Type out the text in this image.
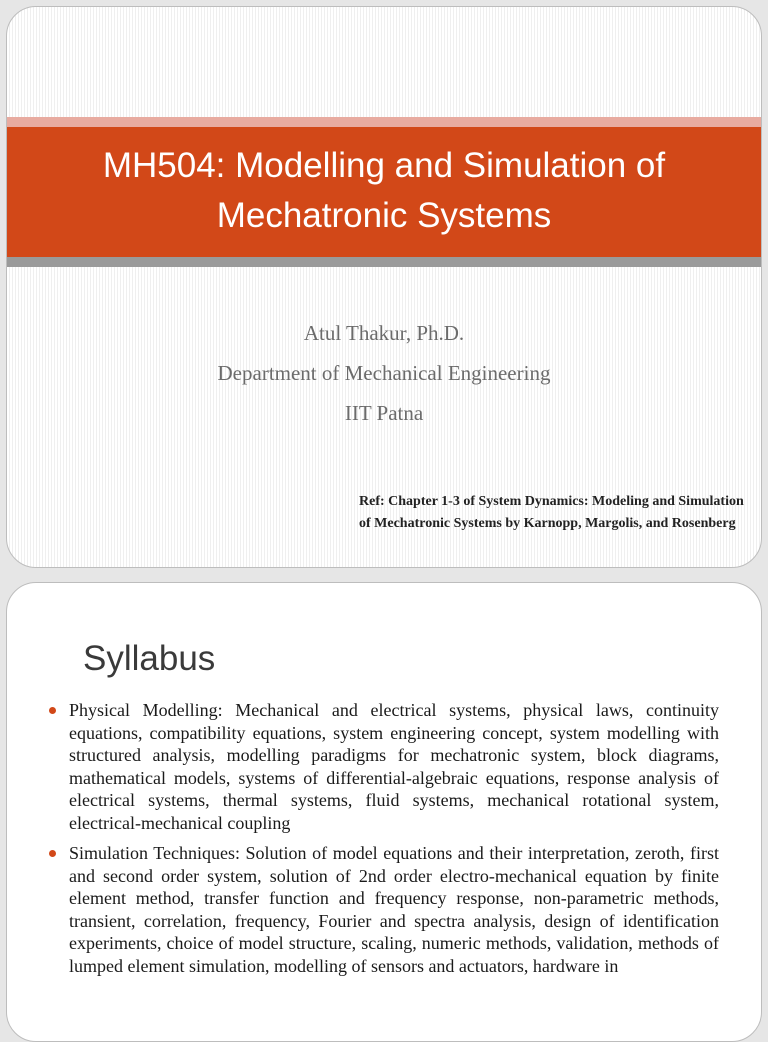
MH504: Modelling and Simulation of
Mechatronic Systems
Atul Thakur, Ph.D.
Department of Mechanical Engineering
IIT Patna
Ref: Chapter 1-3 of System Dynamics: Modeling and Simulation of Mechatronic Systems by Karnopp, Margolis, and Rosenberg
Syllabus
Physical Modelling: Mechanical and electrical systems, physical laws, continuity equations, compatibility equations, system engineering concept, system modelling with structured analysis, modelling paradigms for mechatronic system, block diagrams, mathematical models, systems of differential-algebraic equations, response analysis of electrical systems, thermal systems, fluid systems, mechanical rotational system, electrical-mechanical coupling
Simulation Techniques: Solution of model equations and their interpretation, zeroth, first and second order system, solution of 2nd order electro-mechanical equation by finite element method, transfer function and frequency response, non-parametric methods, transient, correlation, frequency, Fourier and spectra analysis, design of identification experiments, choice of model structure, scaling, numeric methods, validation, methods of lumped element simulation, modelling of sensors and actuators, hardware in
